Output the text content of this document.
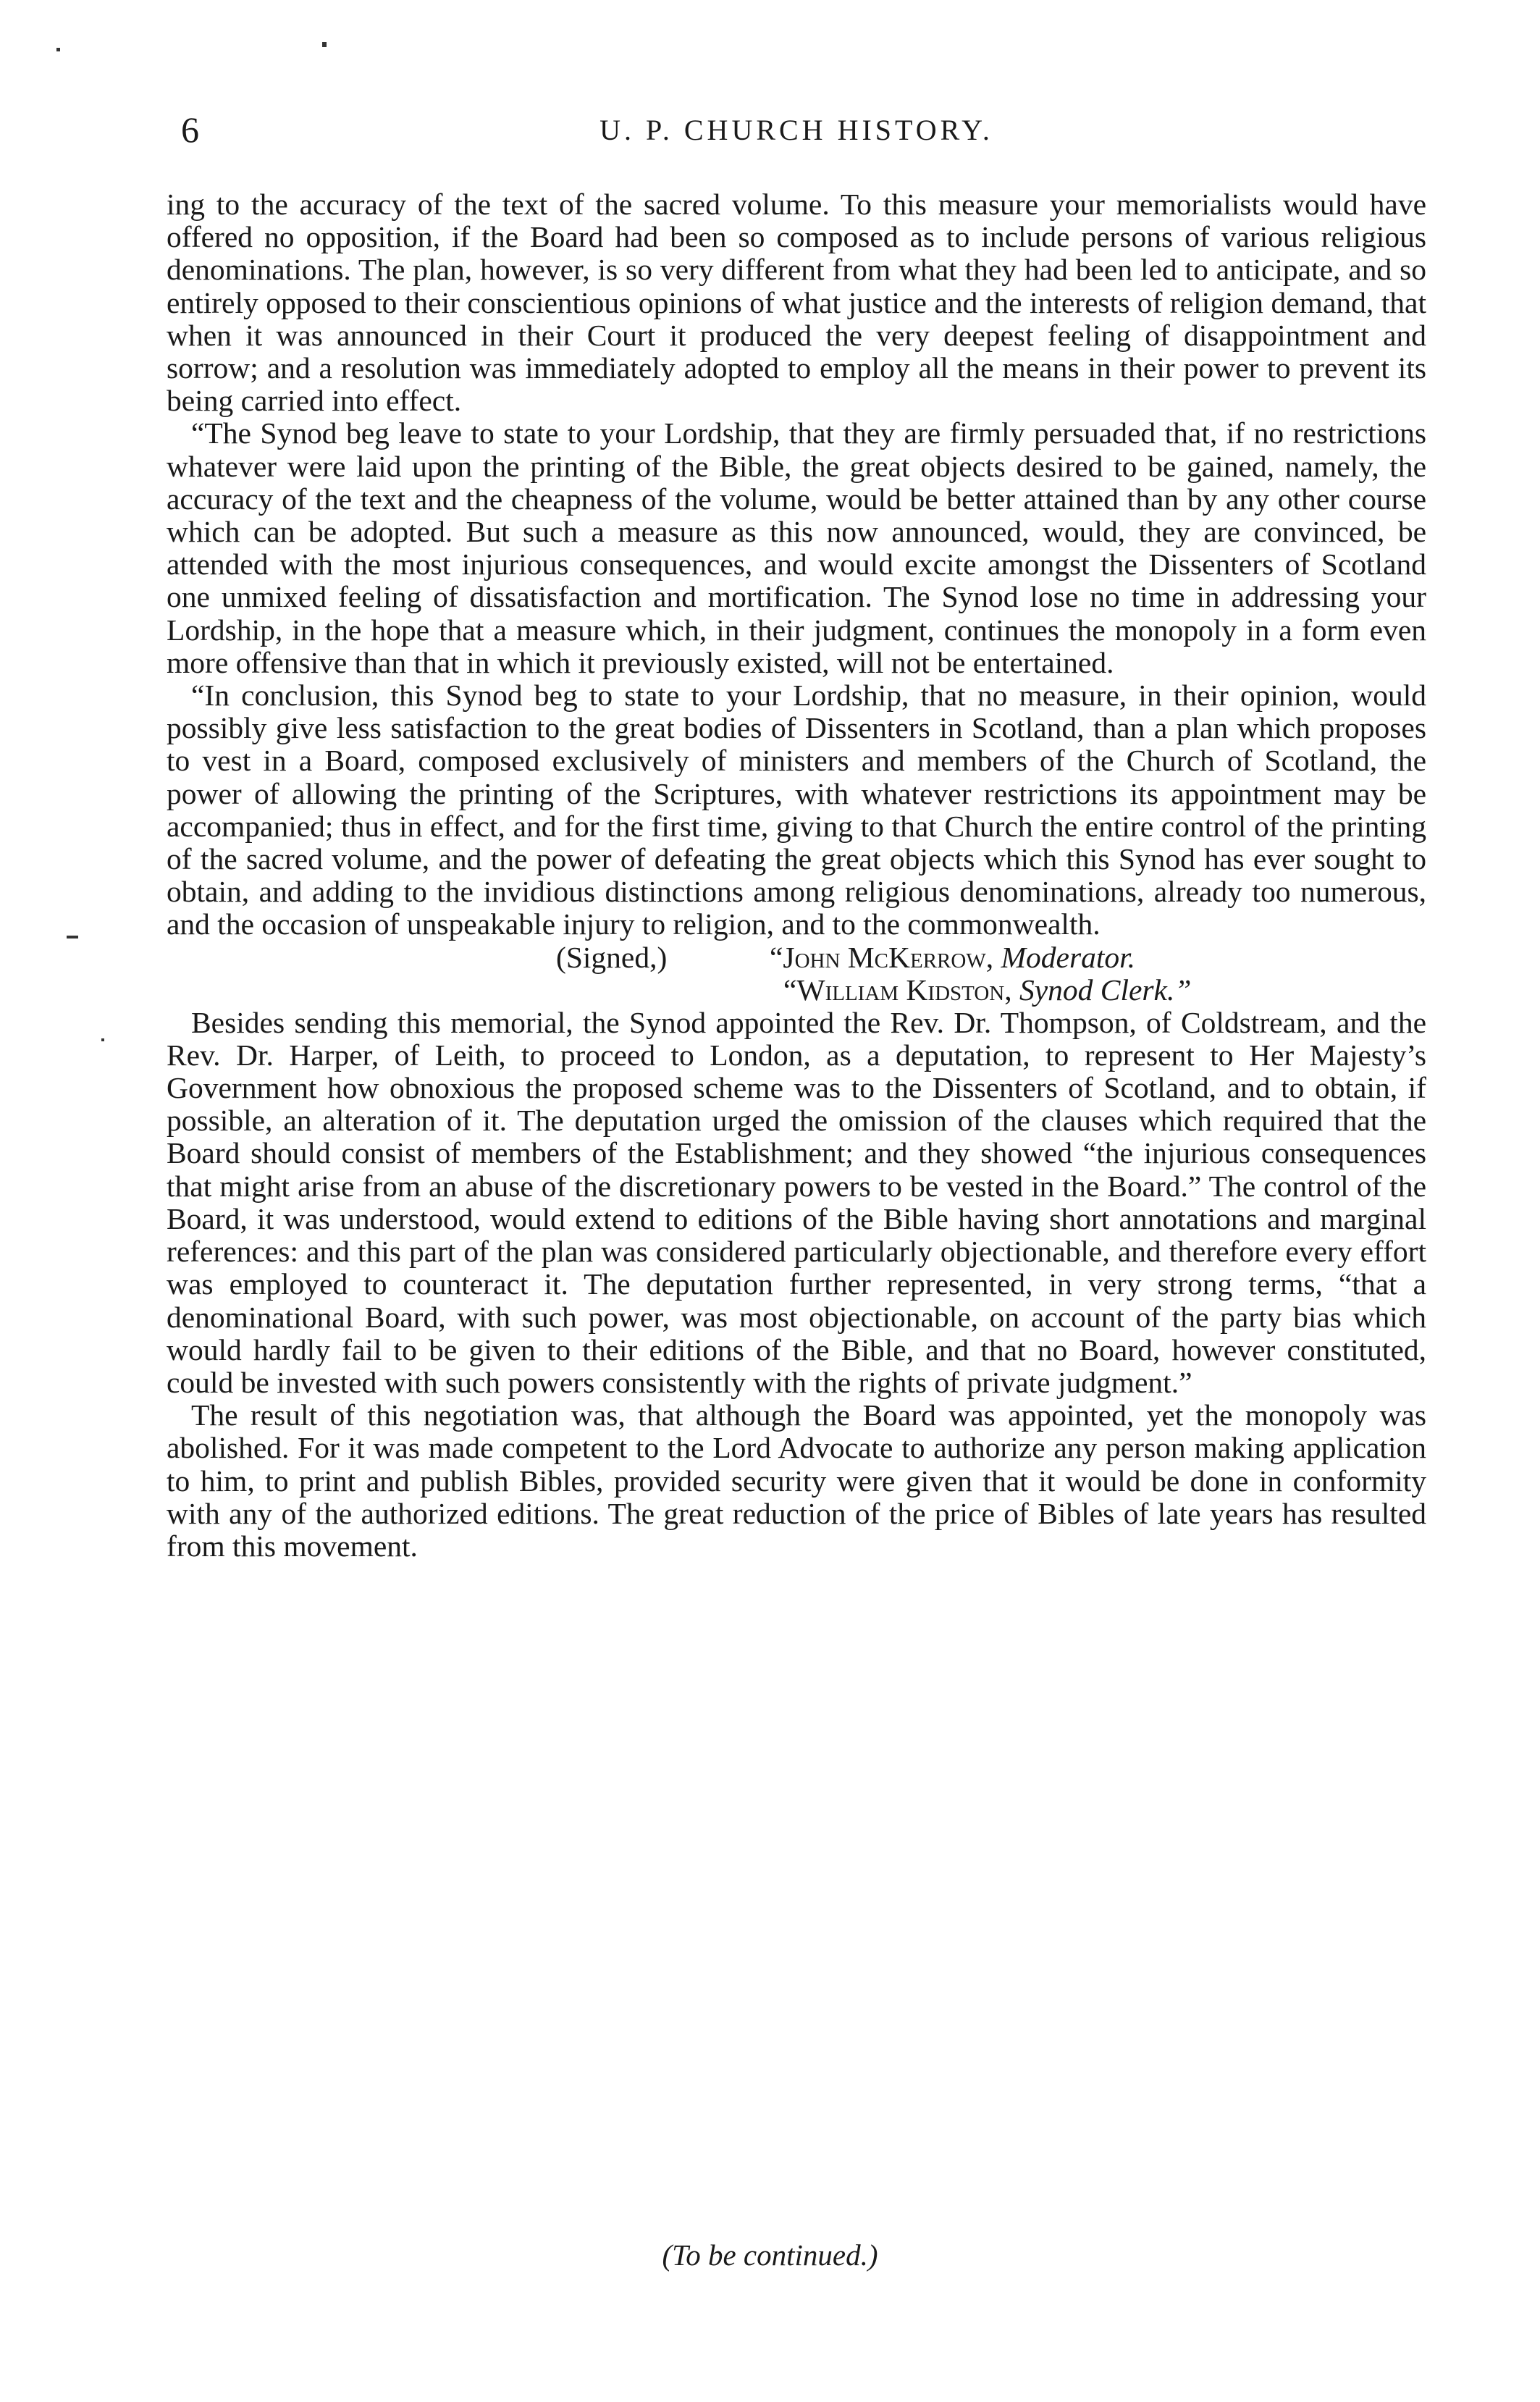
6	U. P. CHURCH HISTORY.

ing to the accuracy of the text of the sacred volume. To this measure your memorialists would have offered no opposition, if the Board had been so composed as to include persons of various religious denominations. The plan, however, is so very different from what they had been led to anticipate, and so entirely opposed to their conscientious opinions of what justice and the interests of religion demand, that when it was announced in their Court it produced the very deepest feeling of disappointment and sorrow; and a resolution was immediately adopted to employ all the means in their power to prevent its being carried into effect.

“The Synod beg leave to state to your Lordship, that they are firmly persuaded that, if no restrictions whatever were laid upon the printing of the Bible, the great objects desired to be gained, namely, the accuracy of the text and the cheapness of the volume, would be better attained than by any other course which can be adopted. But such a measure as this now announced, would, they are convinced, be attended with the most injurious consequences, and would excite amongst the Dissenters of Scotland one unmixed feeling of dissatisfaction and mortification. The Synod lose no time in addressing your Lordship, in the hope that a measure which, in their judgment, continues the monopoly in a form even more offensive than that in which it previously existed, will not be entertained.

“In conclusion, this Synod beg to state to your Lordship, that no measure, in their opinion, would possibly give less satisfaction to the great bodies of Dissenters in Scotland, than a plan which proposes to vest in a Board, composed exclusively of ministers and members of the Church of Scotland, the power of allowing the printing of the Scriptures, with whatever restrictions its appointment may be accompanied; thus in effect, and for the first time, giving to that Church the entire control of the printing of the sacred volume, and the power of defeating the great objects which this Synod has ever sought to obtain, and adding to the invidious distinctions among religious denominations, already too numerous, and the occasion of unspeakable injury to religion, and to the commonwealth.

(Signed,)	“John McKerrow, Moderator.
“William Kidston, Synod Clerk.”

Besides sending this memorial, the Synod appointed the Rev. Dr. Thompson, of Coldstream, and the Rev. Dr. Harper, of Leith, to proceed to London, as a deputation, to represent to Her Majesty’s Government how obnoxious the proposed scheme was to the Dissenters of Scotland, and to obtain, if possible, an alteration of it. The deputation urged the omission of the clauses which required that the Board should consist of members of the Establishment; and they showed “the injurious consequences that might arise from an abuse of the discretionary powers to be vested in the Board.” The control of the Board, it was understood, would extend to editions of the Bible having short annotations and marginal references: and this part of the plan was considered particularly objectionable, and therefore every effort was employed to counteract it. The deputation further represented, in very strong terms, “that a denominational Board, with such power, was most objectionable, on account of the party bias which would hardly fail to be given to their editions of the Bible, and that no Board, however constituted, could be invested with such powers consistently with the rights of private judgment.”

The result of this negotiation was, that although the Board was appointed, yet the monopoly was abolished. For it was made competent to the Lord Advocate to authorize any person making application to him, to print and publish Bibles, provided security were given that it would be done in conformity with any of the authorized editions. The great reduction of the price of Bibles of late years has resulted from this movement.

(To be continued.)
